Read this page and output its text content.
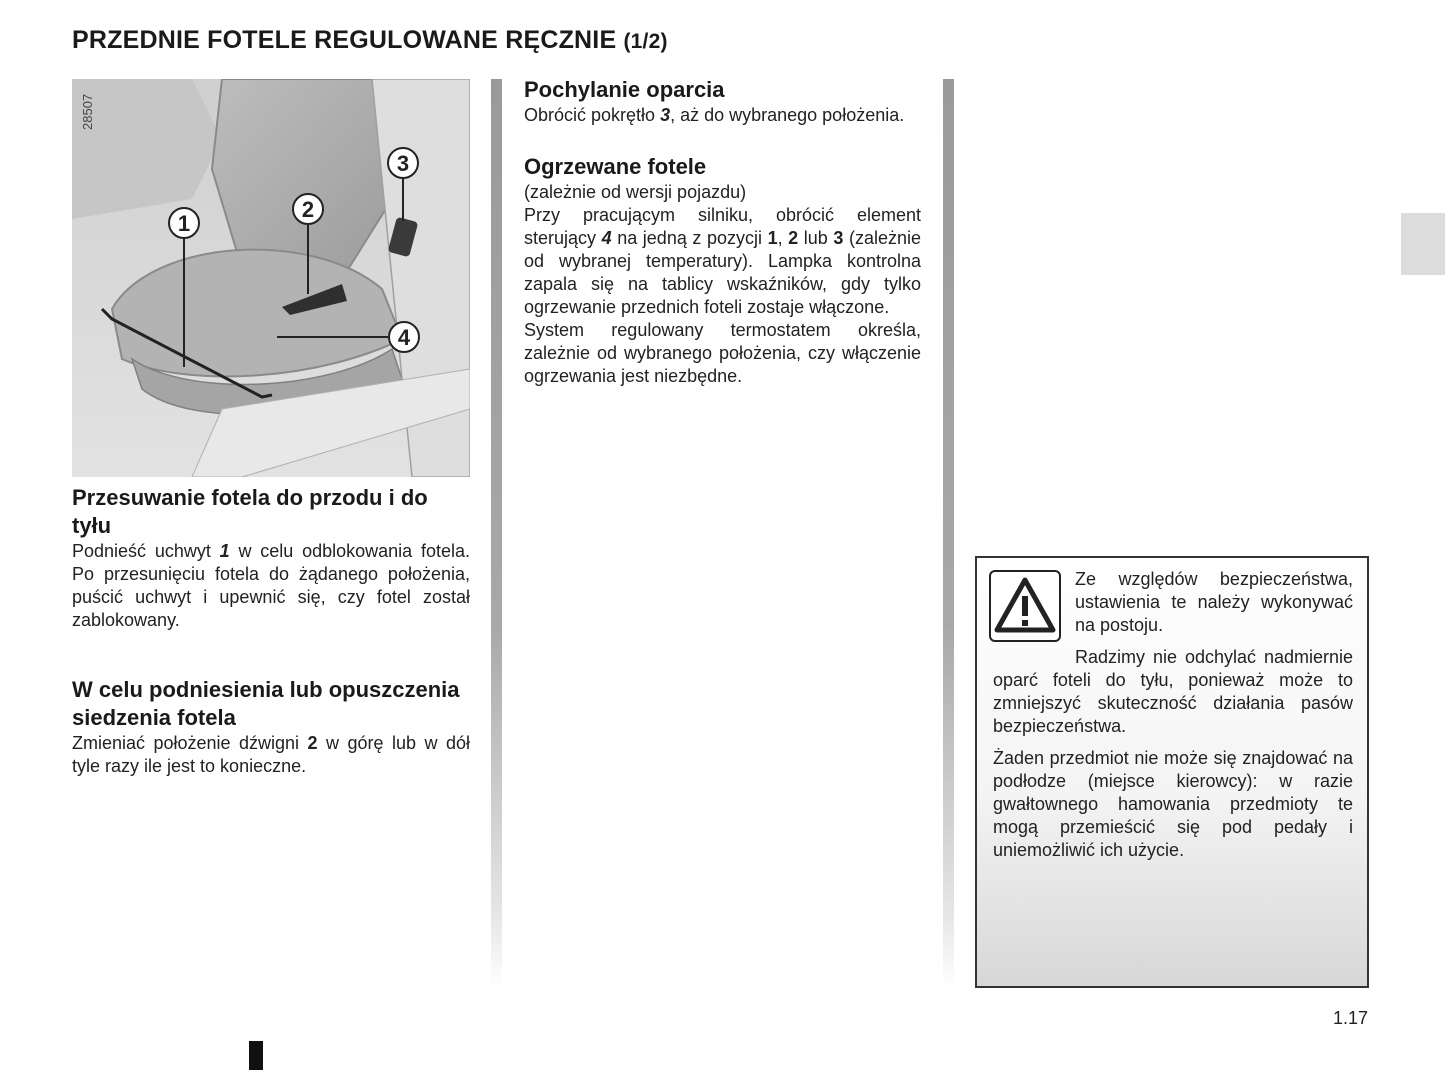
PRZEDNIE FOTELE REGULOWANE RĘCZNIE (1/2)
1
2
3
4
28507
Przesuwanie fotela do przodu i do tyłu

Podnieść uchwyt 1 w celu odblokowania fotela. Po przesunięciu fotela do żądanego położenia, puścić uchwyt i upewnić się, czy fotel został zablokowany.

W celu podniesienia lub opuszczenia siedzenia fotela

Zmieniać położenie dźwigni 2 w górę lub w dół tyle razy ile jest to konieczne.

Pochylanie oparcia

Obrócić pokrętło 3, aż do wybranego położenia.

Ogrzewane fotele

(zależnie od wersji pojazdu)

Przy pracującym silniku, obrócić element sterujący 4 na jedną z pozycji 1, 2 lub 3 (zależnie od wybranej temperatury). Lampka kontrolna zapala się na tablicy wskaźników, gdy tylko ogrzewanie przednich foteli zostaje włączone.

System regulowany termostatem określa, zależnie od wybranego położenia, czy włączenie ogrzewania jest niezbędne.

Ze względów bezpieczeństwa, ustawienia te należy wykonywać na postoju.

Radzimy nie odchylać nadmiernie oparć foteli do tyłu, ponieważ może to zmniejszyć skuteczność działania pasów bezpieczeństwa.

Żaden przedmiot nie może się znajdować na podłodze (miejsce kierowcy): w razie gwałtownego hamowania przedmioty te mogą przemieścić się pod pedały i uniemożliwić ich użycie.

1.17
